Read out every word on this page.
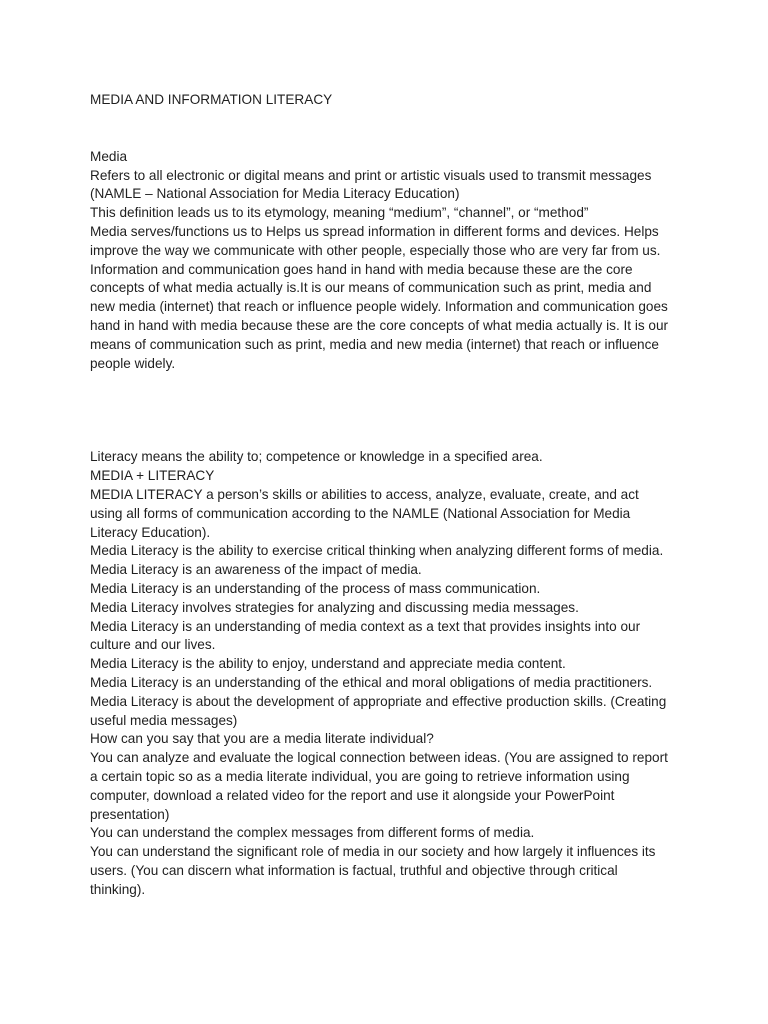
MEDIA AND INFORMATION LITERACY
Media
Refers to all electronic or digital means and print or artistic visuals used to transmit messages
(NAMLE – National Association for Media Literacy Education)
This definition leads us to its etymology, meaning “medium”, “channel”, or “method”
Media serves/functions us to Helps us spread information in different forms and devices. Helps
improve the way we communicate with other people, especially those who are very far from us.
Information and communication goes hand in hand with media because these are the core
concepts of what media actually is.It is our means of communication such as print, media and
new media (internet) that reach or influence people widely. Information and communication goes
hand in hand with media because these are the core concepts of what media actually is. It is our
means of communication such as print, media and new media (internet) that reach or influence
people widely.
Literacy means the ability to; competence or knowledge in a specified area.
MEDIA + LITERACY
MEDIA LITERACY a person’s skills or abilities to access, analyze, evaluate, create, and act
using all forms of communication according to the NAMLE (National Association for Media
Literacy Education).
Media Literacy is the ability to exercise critical thinking when analyzing different forms of media.
Media Literacy is an awareness of the impact of media.
Media Literacy is an understanding of the process of mass communication.
Media Literacy involves strategies for analyzing and discussing media messages.
Media Literacy is an understanding of media context as a text that provides insights into our
culture and our lives.
Media Literacy is the ability to enjoy, understand and appreciate media content.
Media Literacy is an understanding of the ethical and moral obligations of media practitioners.
Media Literacy is about the development of appropriate and effective production skills. (Creating
useful media messages)
How can you say that you are a media literate individual?
You can analyze and evaluate the logical connection between ideas. (You are assigned to report
a certain topic so as a media literate individual, you are going to retrieve information using
computer, download a related video for the report and use it alongside your PowerPoint
presentation)
You can understand the complex messages from different forms of media.
You can understand the significant role of media in our society and how largely it influences its
users. (You can discern what information is factual, truthful and objective through critical
thinking).
